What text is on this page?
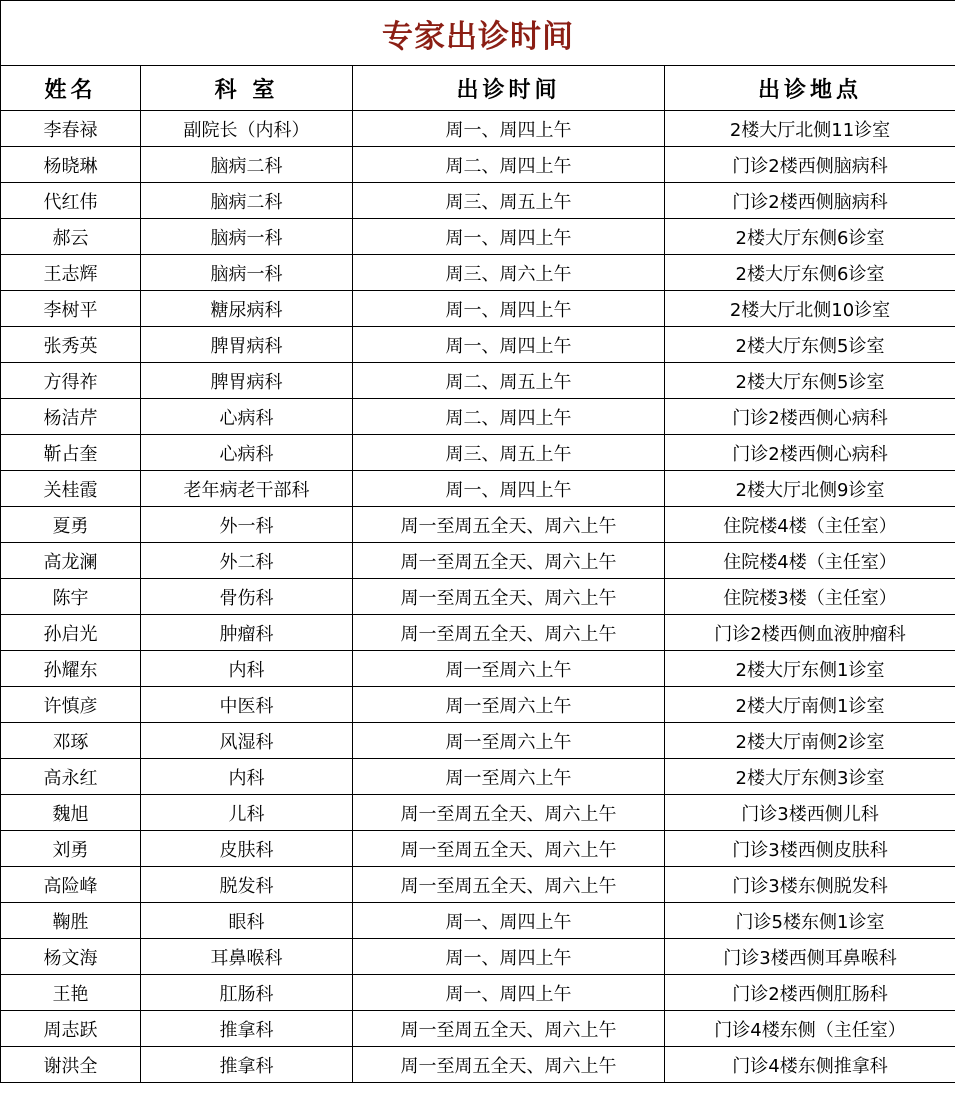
专家出诊时间			
姓名	科 室	出诊时间	出诊地点
李春禄	副院长（内科）	周一、周四上午	2楼大厅北侧11诊室
杨晓琳	脑病二科	周二、周四上午	门诊2楼西侧脑病科
代红伟	脑病二科	周三、周五上午	门诊2楼西侧脑病科
郝云	脑病一科	周一、周四上午	2楼大厅东侧6诊室
王志辉	脑病一科	周三、周六上午	2楼大厅东侧6诊室
李树平	糖尿病科	周一、周四上午	2楼大厅北侧10诊室
张秀英	脾胃病科	周一、周四上午	2楼大厅东侧5诊室
方得祚	脾胃病科	周二、周五上午	2楼大厅东侧5诊室
杨洁芹	心病科	周二、周四上午	门诊2楼西侧心病科
靳占奎	心病科	周三、周五上午	门诊2楼西侧心病科
关桂霞	老年病老干部科	周一、周四上午	2楼大厅北侧9诊室
夏勇	外一科	周一至周五全天、周六上午	住院楼4楼（主任室）
高龙澜	外二科	周一至周五全天、周六上午	住院楼4楼（主任室）
陈宇	骨伤科	周一至周五全天、周六上午	住院楼3楼（主任室）
孙启光	肿瘤科	周一至周五全天、周六上午	门诊2楼西侧血液肿瘤科
孙耀东	内科	周一至周六上午	2楼大厅东侧1诊室
许慎彦	中医科	周一至周六上午	2楼大厅南侧1诊室
邓琢	风湿科	周一至周六上午	2楼大厅南侧2诊室
高永红	内科	周一至周六上午	2楼大厅东侧3诊室
魏旭	儿科	周一至周五全天、周六上午	门诊3楼西侧儿科
刘勇	皮肤科	周一至周五全天、周六上午	门诊3楼西侧皮肤科
高险峰	脱发科	周一至周五全天、周六上午	门诊3楼东侧脱发科
鞠胜	眼科	周一、周四上午	门诊5楼东侧1诊室
杨文海	耳鼻喉科	周一、周四上午	门诊3楼西侧耳鼻喉科
王艳	肛肠科	周一、周四上午	门诊2楼西侧肛肠科
周志跃	推拿科	周一至周五全天、周六上午	门诊4楼东侧（主任室）
谢洪全	推拿科	周一至周五全天、周六上午	门诊4楼东侧推拿科
